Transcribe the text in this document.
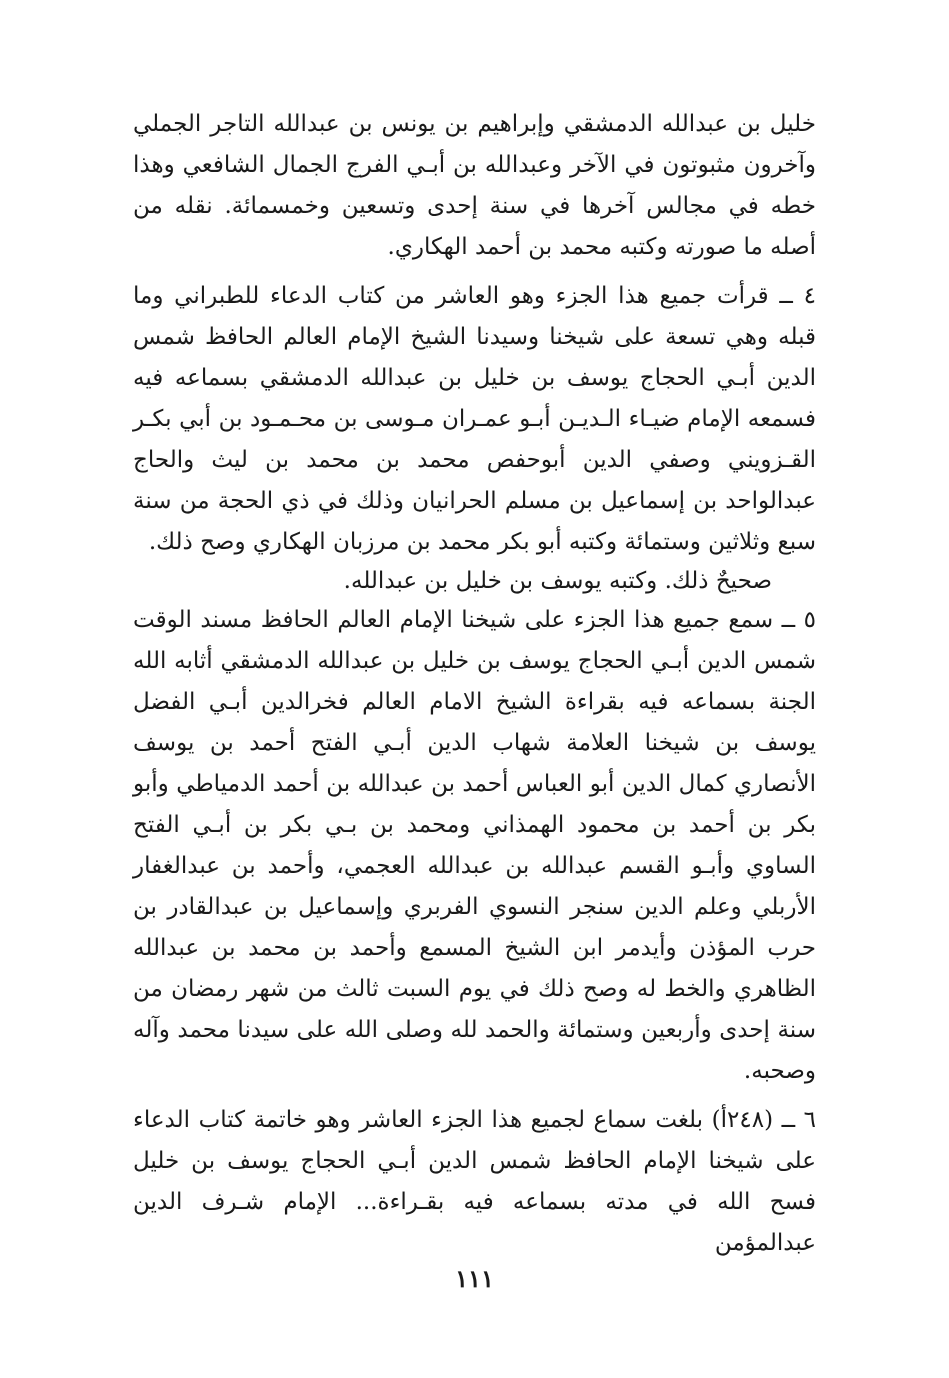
خليل بن عبدالله الدمشقي وإبراهيم بن يونس بن عبدالله التاجر الجملي وآخرون مثبوتون في الآخر وعبدالله بن أبـي الفرج الجمال الشافعي وهذا خطه في مجالس آخرها في سنة إحدى وتسعين وخمسمائة. نقله من أصله ما صورته وكتبه محمد بن أحمد الهكاري.

٤ ــ قرأت جميع هذا الجزء وهو العاشر من كتاب الدعاء للطبراني وما قبله وهي تسعة على شيخنا وسيدنا الشيخ الإمام العالم الحافظ شمس الدين أبـي الحجاج يوسف بن خليل بن عبدالله الدمشقي بسماعه فيه فسمعه الإمام ضيـاء الـديـن أبـو عمـران مـوسى بن محـمـود بن أبي بكـر القـزويني وصفي الدين أبوحفص محمد بن محمد بن ليث والحاج عبدالواحد بن إسماعيل بن مسلم الحرانيان وذلك في ذي الحجة من سنة سبع وثلاثين وستمائة وكتبه أبو بكر محمد بن مرزبان الهكاري وصح ذلك.

صحيحٌ ذلك. وكتبه يوسف بن خليل بن عبدالله.

٥ ــ سمع جميع هذا الجزء على شيخنا الإمام العالم الحافظ مسند الوقت شمس الدين أبـي الحجاج يوسف بن خليل بن عبدالله الدمشقي أثابه الله الجنة بسماعه فيه بقراءة الشيخ الامام العالم فخرالدين أبـي الفضل يوسف بن شيخنا العلامة شهاب الدين أبـي الفتح أحمد بن يوسف الأنصاري كمال الدين أبو العباس أحمد بن عبدالله بن أحمد الدمياطي وأبو بكر بن أحمد بن محمود الهمذاني ومحمد بن بـي بكر بن أبـي الفتح الساوي وأبـو القسم عبدالله بن عبدالله العجمي، وأحمد بن عبدالغفار الأربلي وعلم الدين سنجر النسوي الفربري وإسماعيل بن عبدالقادر بن حرب المؤذن وأيدمر ابن الشيخ المسمع وأحمد بن محمد بن عبدالله الظاهري والخط له وصح ذلك في يوم السبت ثالث من شهر رمضان من سنة إحدى وأربعين وستمائة والحمد لله وصلى الله على سيدنا محمد وآله وصحبه.

٦ ــ (٢٤٨أ) بلغت سماع لجميع هذا الجزء العاشر وهو خاتمة كتاب الدعاء على شيخنا الإمام الحافظ شمس الدين أبـي الحجاج يوسف بن خليل فسح الله في مدته بسماعه فيه بقـراءة... الإمام شـرف الدين عبدالمؤمن

١١١
